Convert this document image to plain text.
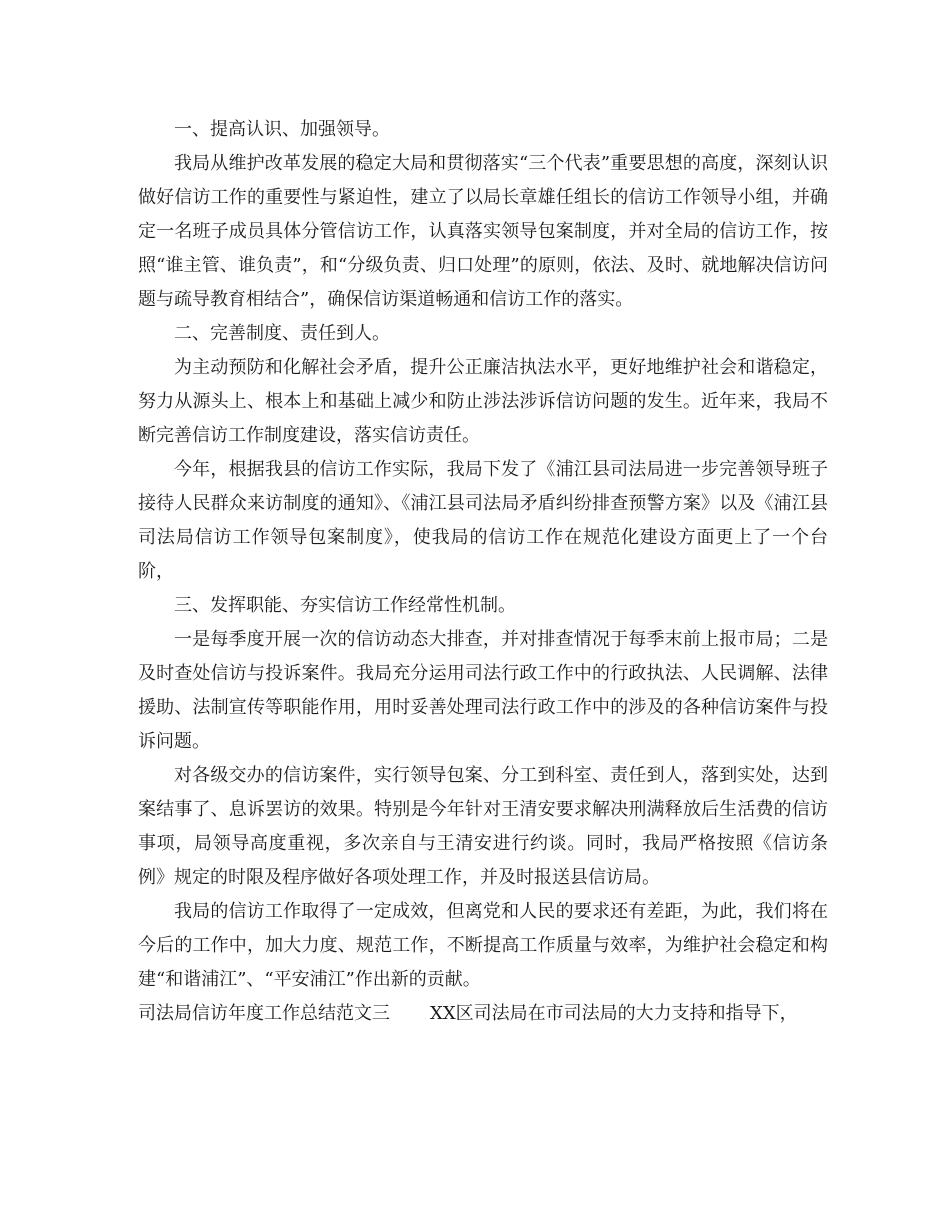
一、提高认识、加强领导。

我局从维护改革发展的稳定大局和贯彻落实“三个代表”重要思想的高度，深刻认识做好信访工作的重要性与紧迫性，建立了以局长章雄任组长的信访工作领导小组，并确定一名班子成员具体分管信访工作，认真落实领导包案制度，并对全局的信访工作，按照“谁主管、谁负责”，和“分级负责、归口处理”的原则，依法、及时、就地解决信访问题与疏导教育相结合”，确保信访渠道畅通和信访工作的落实。

二、完善制度、责任到人。

为主动预防和化解社会矛盾，提升公正廉洁执法水平，更好地维护社会和谐稳定，努力从源头上、根本上和基础上减少和防止涉法涉诉信访问题的发生。近年来，我局不断完善信访工作制度建设，落实信访责任。

今年，根据我县的信访工作实际，我局下发了《浦江县司法局进一步完善领导班子接待人民群众来访制度的通知》、《浦江县司法局矛盾纠纷排查预警方案》以及《浦江县司法局信访工作领导包案制度》，使我局的信访工作在规范化建设方面更上了一个台阶，

三、发挥职能、夯实信访工作经常性机制。

一是每季度开展一次的信访动态大排查，并对排查情况于每季末前上报市局；二是及时查处信访与投诉案件。我局充分运用司法行政工作中的行政执法、人民调解、法律援助、法制宣传等职能作用，用时妥善处理司法行政工作中的涉及的各种信访案件与投诉问题。

对各级交办的信访案件，实行领导包案、分工到科室、责任到人，落到实处，达到案结事了、息诉罢访的效果。特别是今年针对王清安要求解决刑满释放后生活费的信访事项，局领导高度重视，多次亲自与王清安进行约谈。同时，我局严格按照《信访条例》规定的时限及程序做好各项处理工作，并及时报送县信访局。

我局的信访工作取得了一定成效，但离党和人民的要求还有差距，为此，我们将在今后的工作中，加大力度、规范工作，不断提高工作质量与效率，为维护社会稳定和构建“和谐浦江”、“平安浦江”作出新的贡献。

司法局信访年度工作总结范文三 XX区司法局在市司法局的大力支持和指导下，
